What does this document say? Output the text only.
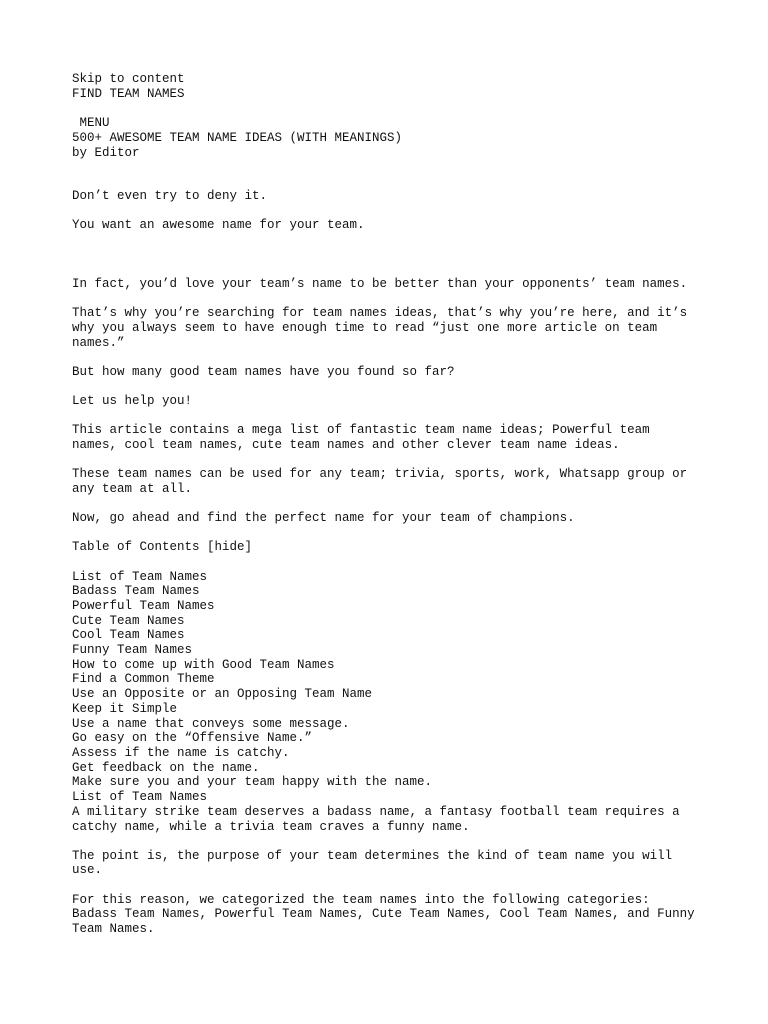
Skip to content
FIND TEAM NAMES
MENU
500+ AWESOME TEAM NAME IDEAS (WITH MEANINGS)
by Editor
Don’t even try to deny it.
You want an awesome name for your team.
In fact, you’d love your team’s name to be better than your opponents’ team names.
That’s why you’re searching for team names ideas, that’s why you’re here, and it’s why you always seem to have enough time to read “just one more article on team names.”
But how many good team names have you found so far?
Let us help you!
This article contains a mega list of fantastic team name ideas; Powerful team names, cool team names, cute team names and other clever team name ideas.
These team names can be used for any team; trivia, sports, work, Whatsapp group or any team at all.
Now, go ahead and find the perfect name for your team of champions.
Table of Contents [hide]
List of Team Names
Badass Team Names
Powerful Team Names
Cute Team Names
Cool Team Names
Funny Team Names
How to come up with Good Team Names
Find a Common Theme
Use an Opposite or an Opposing Team Name
Keep it Simple
Use a name that conveys some message.
Go easy on the “Offensive Name.”
Assess if the name is catchy.
Get feedback on the name.
Make sure you and your team happy with the name.
List of Team Names
A military strike team deserves a badass name, a fantasy football team requires a catchy name, while a trivia team craves a funny name.
The point is, the purpose of your team determines the kind of team name you will use.
For this reason, we categorized the team names into the following categories: Badass Team Names, Powerful Team Names, Cute Team Names, Cool Team Names, and Funny Team Names.
